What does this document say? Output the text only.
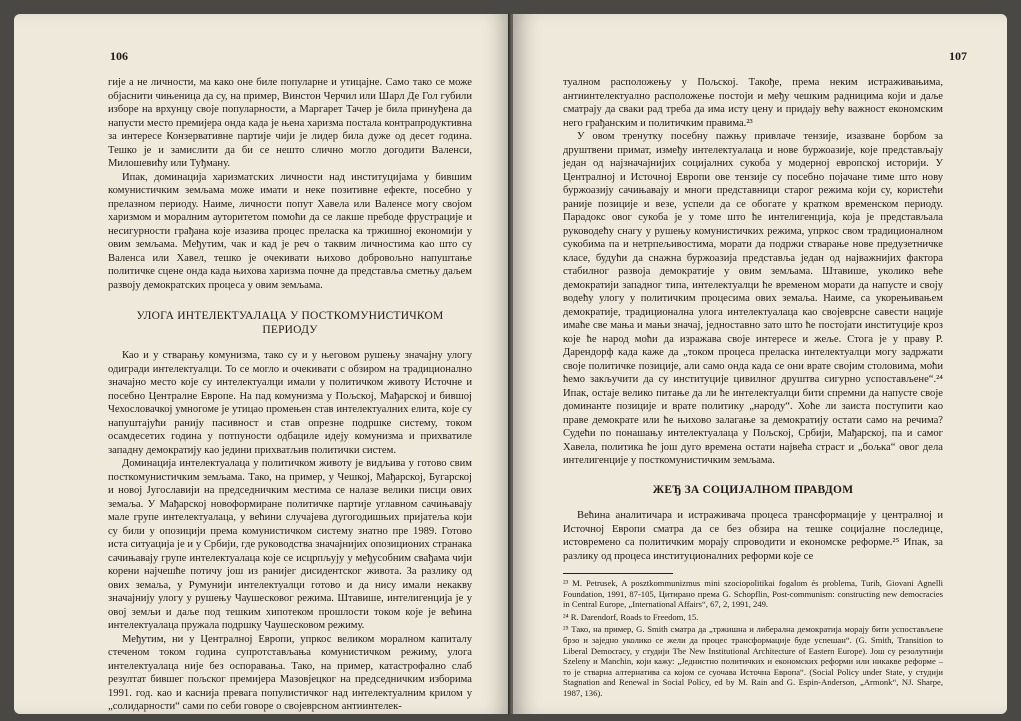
106

гије а не личности, ма како оне биле популарне и утицајне. Само тако се може објаснити чињеница да су, на пример, Винстон Черчил или Шарл Де Гол губили изборе на врхунцу своје популарности, а Маргарет Тачер је била принуђена да напусти место премијера онда када је њена харизма постала контрапродуктивна за интересе Конзервативне партије чији је лидер била дуже од десет година. Тешко је и замислити да би се нешто слично могло догодити Валенси, Милошевићу или Туђману.

Ипак, доминација харизматских личности над институцијама у бившим комунистичким земљама може имати и неке позитивне ефекте, посебно у прелазном периоду. Наиме, личности попут Хавела или Валенсе могу својом харизмом и моралним ауторитетом помоћи да се лакше пребоде фрустрације и несигурности грађана које изазива процес преласка ка тржишној економији у овим земљама. Међутим, чак и кад је реч о таквим личностима као што су Валенса или Хавел, тешко је очекивати њихово добровољно напуштање политичке сцене онда када њихова харизма почне да представља сметњу даљем развоју демократских процеса у овим земљама.

УЛОГА ИНТЕЛЕКТУАЛАЦА У ПОСТКОМУНИСТИЧКОМ ПЕРИОДУ

Као и у стварању комунизма, тако су и у његовом рушењу значајну улогу одигради интелектуалци. То се могло и очекивати с обзиром на традиционално значајно место које су интелектуалци имали у политичком животу Источне и посебно Централне Европе. На пад комунизма у Пољској, Мађарској и бившој Чехословачкој умногоме је утицао промењен став интелектуалних елита, које су напуштајући ранију пасивност и став опрезне подршке систему, током осамдесетих година у потпуности одбациле идеју комунизма и прихватиле западну демократију као једини прихватљив политички систем.

Доминација интелектуалаца у политичком животу је видљива у готово свим посткомунистичким земљама. Тако, на пример, у Чешкој, Мађарској, Бугарској и новој Југославији на председничким местима се налазе велики писци ових земаља. У Мађарској новоформиране политичке партије углавном сачињавају мале групе интелектуалаца, у већини случајева дугогодишњих пријатеља који су били у опозицији према комунистичком систему знатно пре 1989. Готово иста ситуација је и у Србији, где руководства значајнијих опозиционих странака сачињавају групе интелектуалаца које се исцрпљују у међусобним свађама чији корени најчешће потичу још из ранијег дисидентског живота. За разлику од ових земаља, у Румунији интелектуалци готово и да нису имали некакву значајнију улогу у рушењу Чаушесковог режима. Штавише, интелигенција је у овој земљи и даље под тешким хипотеком прошлости током које је већина интелектуалаца пружала подршку Чаушесковом режиму.

Међутим, ни у Централној Европи, упркос великом моралном капиталу стеченом током година супротстављања комунистичком режиму, улога интелектуалаца није без оспоравања. Тако, на пример, катастрофално слаб резултат бившег пољског премијера Мазовјецког на председничким изборима 1991. год. као и касниja превага популистичког над интелектуалним крилом у „солидарности“ сами по себи говоре о својеврсном антиинтелек-

107

туалном расположењу у Пољској. Такође, према неким истраживањима, антиинтелектуално расположење постоји и међу чешким радницима који и даље сматрају да сваки рад треба да има исту цену и придају већу важност економским него грађанским и политичким правима.²³

У овом тренутку посебну пажњу привлаче тензије, изазване борбом за друштвени примат, између интелектуалаца и нове буржоазије, које представљају један од најзначајнијих социјалних сукоба у модерној европској историји. У Централној и Источној Европи ове тензије су посебно појачане тиме што нову буржоазију сачињавају и многи представници старог режима који су, користећи раније позиције и везе, успели да се обогате у кратком временском периоду. Парадокс овог сукоба је у томе што ће интелигенција, која је представљала руководећу снагу у рушењу комунистичких режима, упркос свом традиционалном сукобима па и нетрпељивостима, морати да подржи стварање нове предузетничке класе, будући да снажна буржоазија представља један од најважнијих фактора стабилног развоја демократије у овим земљама. Штавише, уколико веће демократији западног типа, интелектуалци ће временом морати да напусте и своју водећу улогу у политичким процесима ових земаља. Наиме, са укорењивањем демократије, традиционална улога интелектуалаца као својеврсне савести нације имаће све мања и мањи значај, једноставно зато што ће постојати институције кроз које ће народ моћи да изражава своје интересе и жеље. Стога је у праву Р. Дарендорф када каже да „током процеса преласка интелектуалци могу задржати своје политичке позиције, али само онда када се они врате својим столовима, моћи ћемо закључити да су институције цивилног друштва сигурно успостављене“.²⁴ Ипак, остаје велико питање да ли ће интелектуалци бити спремни да напусте своје доминанте позиције и врате политику „народу“. Хоће ли заиста поступити као праве демократе или ће њихово залагање за демократију остати само на речима? Судећи по понашању интелектуалаца у Пољској, Србији, Мађарској, па и самог Хавела, политика ће још дуго времена остати највећа страст и „бољка“ овог дела интелигенције у посткомунистичким земљама.

ЖЕЂ ЗА СОЦИЈАЛНОМ ПРАВДОМ

Већина аналитичара и истраживача процеса трансформације у централној и Источној Европи сматра да се без обзира на тешке социјалне последице, истовремено са политичким морају спроводити и економске реформе.²⁵ Ипак, за разлику од процеса институционалних реформи које се

²³ M. Petrusek, A posztkommunizmus mini szociopolitikai fogalom és problema, Turih, Giovani Agnelli Foundation, 1991, 87-105, Цитирано према G. Schopflin, Post-communism: constructing new democracies in Central Europe, „International Affairs“, 67, 2, 1991, 249.

²⁴ R. Darendorf, Roads to Freedom, 15.

²⁵ Тако, на пример, G. Smith сматра да „тржишна и либерална демократија морају бити успостављене брзо и заједно уколико се жели да процес трансформације буде успешан“. (G. Smith, Transition to Liberal Democracy, у студији The New Institutional Architecture of Eastern Europe). Још су резолутнији Szeleny и Manchin, који кажу: „Једнистно политичких и економских реформи или никакве реформе – то је стварна алтернатива са којом се суочава Источна Европа“. (Social Policy under State, у студији Stagnation and Renewal in Social Policy, ed by M. Rain and G. Espin-Anderson, „Armonk“, NJ. Sharpe, 1987, 136).
